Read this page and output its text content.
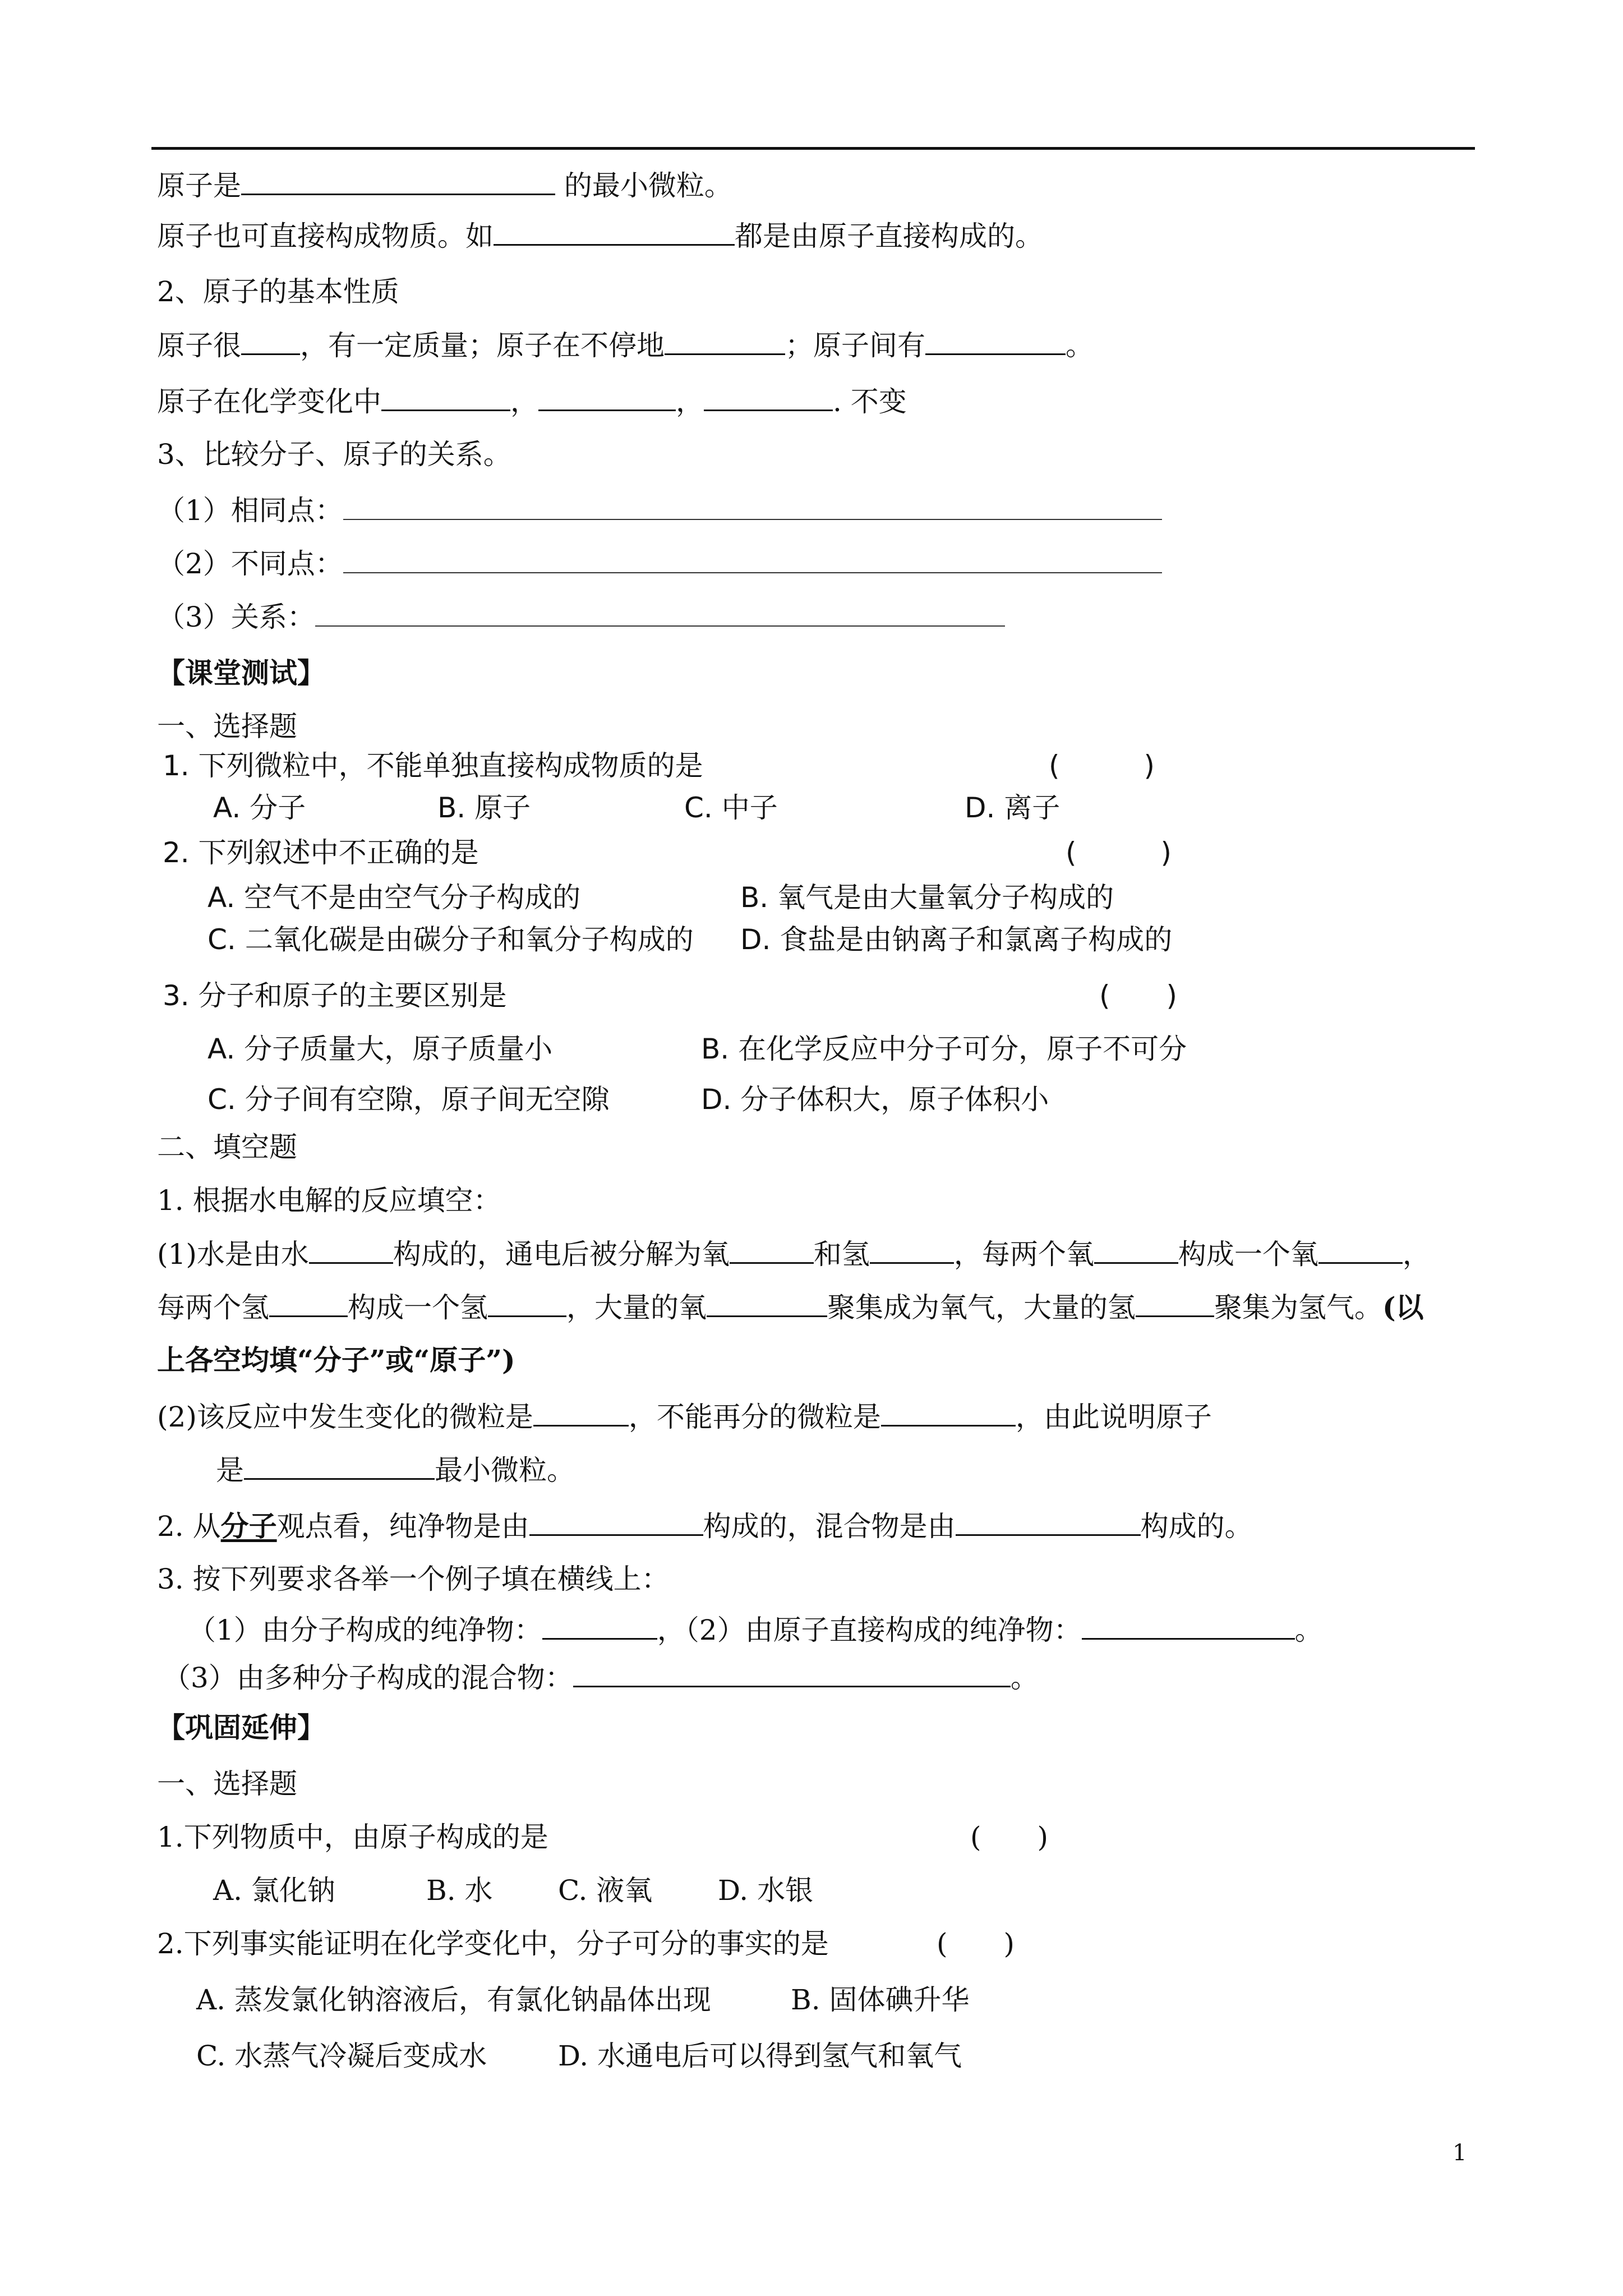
原子是	的最小微粒。
原子也可直接构成物质。如	都是由原子直接构成的。
2、原子的基本性质
原子很 ，有一定质量；原子在不停地	；原子间有	。
原子在化学变化中	，	，	. 不变
3、比较分子、原子的关系。
（1）相同点：
（2）不同点：
（3）关系：
【课堂测试】
一、选择题
1. 下列微粒中，不能单独直接构成物质的是	(　　　)
A. 分子	B. 原子	C. 中子	D. 离子
2. 下列叙述中不正确的是	(　　　)
A. 空气不是由空气分子构成的	B. 氧气是由大量氧分子构成的
C. 二氧化碳是由碳分子和氧分子构成的 D. 食盐是由钠离子和氯离子构成的
3. 分子和原子的主要区别是	(　　)
A. 分子质量大，原子质量小	B. 在化学反应中分子可分，原子不可分
C. 分子间有空隙，原子间无空隙	D. 分子体积大，原子体积小
二、填空题
1. 根据水电解的反应填空：
(1)水是由水	构成的，通电后被分解为氧	和氢	，每两个氧	构成一个氧	，
每两个氢	构成一个氢	，大量的氧	聚集成为氧气，大量的氢	聚集为氢气。(以
上各空均填“分子”或“原子”)
(2)该反应中发生变化的微粒是	，不能再分的微粒是	，由此说明原子
是	最小微粒。
2. 从分子观点看，纯净物是由	构成的，混合物是由	构成的。
3. 按下列要求各举一个例子填在横线上：
（1）由分子构成的纯净物：	，（2）由原子直接构成的纯净物：	。
（3）由多种分子构成的混合物：	。
【巩固延伸】
一、选择题
1.下列物质中，由原子构成的是	(　　)
A. 氯化钠	B. 水 C. 液氧 D. 水银
2.下列事实能证明在化学变化中，分子可分的事实的是	(　　)
A. 蒸发氯化钠溶液后，有氯化钠晶体出现	B. 固体碘升华
C. 水蒸气冷凝后变成水	D. 水通电后可以得到氢气和氧气
1
